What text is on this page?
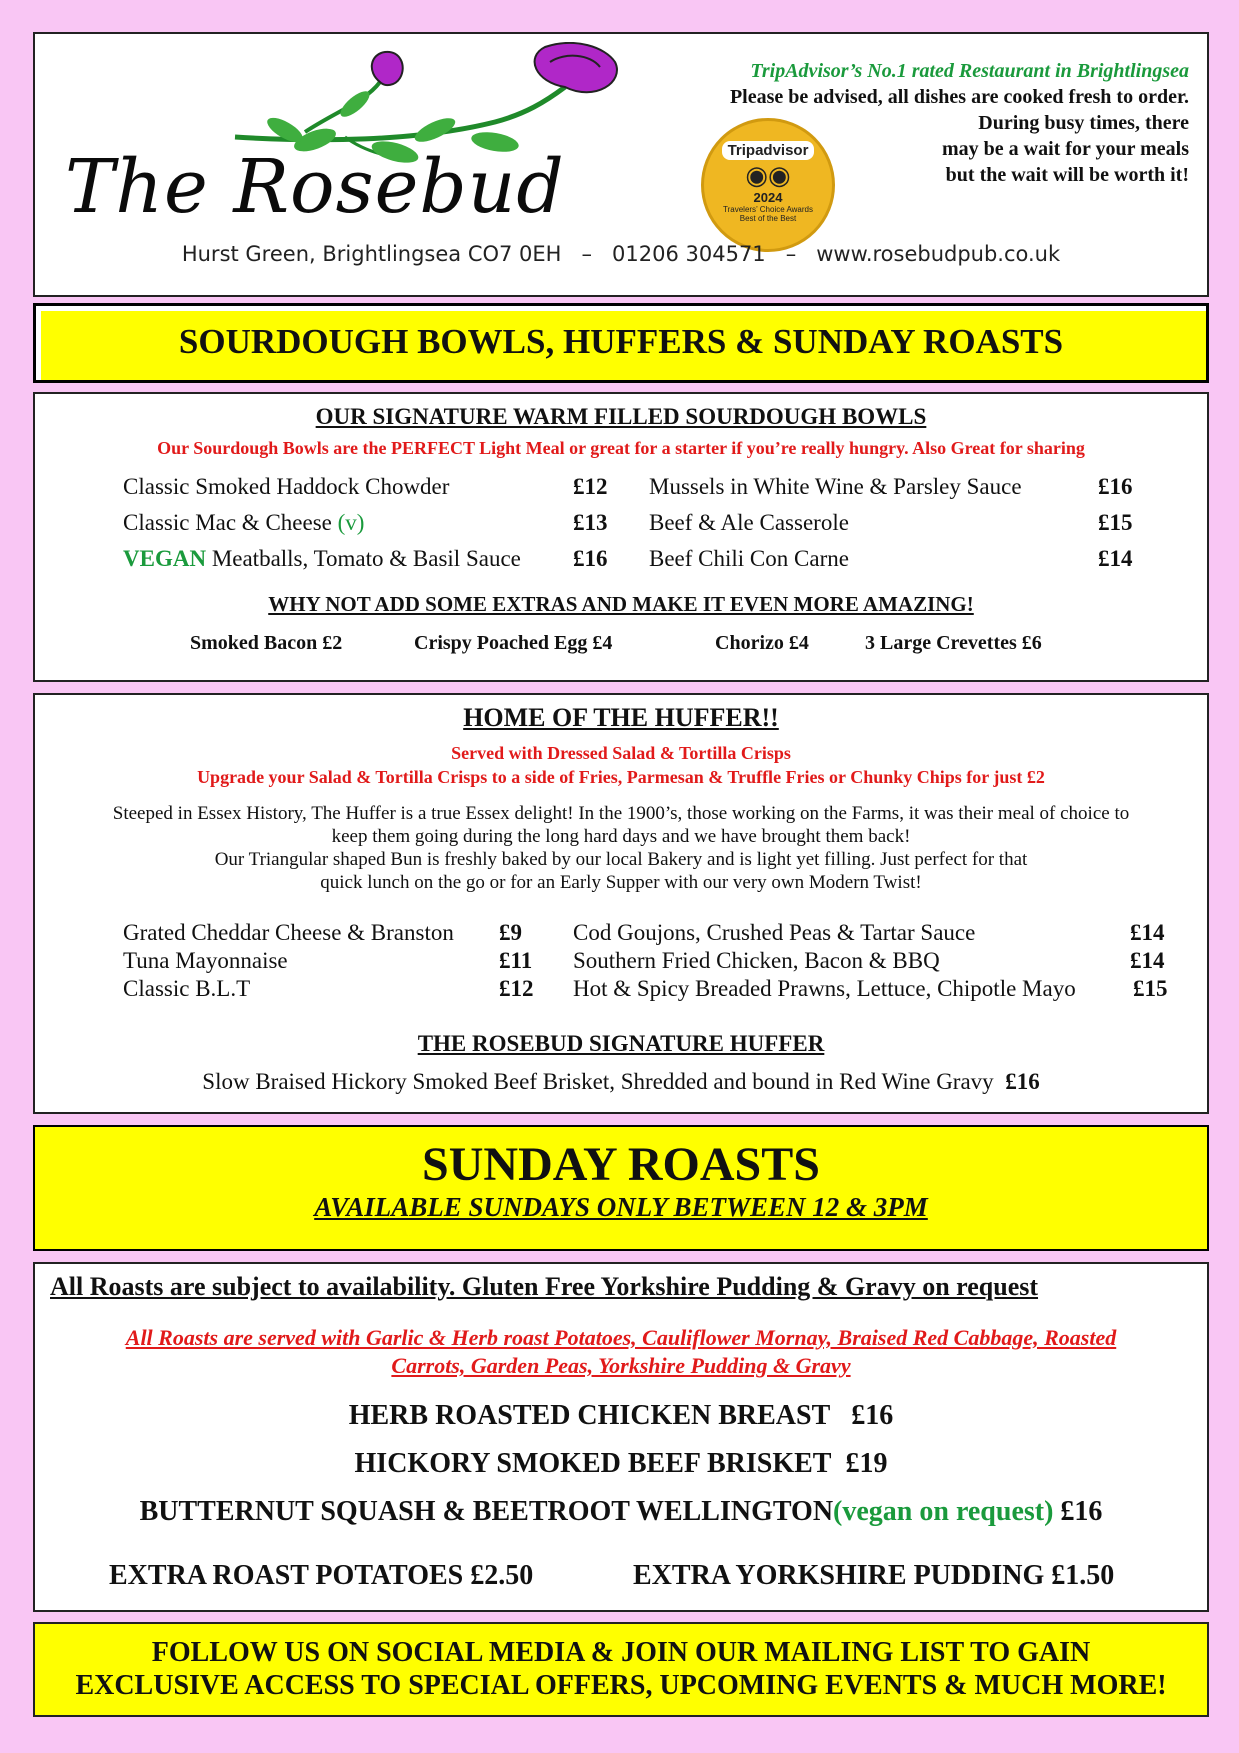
The Rosebud	Tripadvisor
◉◉
2024
Travelers’ Choice Awards Best of the Best
TripAdvisor’s No.1 rated Restaurant in Brightlingsea
Please be advised, all dishes are cooked fresh to order.
During busy times, there
may be a wait for your meals
but the wait will be worth it!
Hurst Green, Brightlingsea CO7 0EH   –   01206 304571   –   www.rosebudpub.co.uk
SOURDOUGH BOWLS, HUFFERS & SUNDAY ROASTS
OUR SIGNATURE WARM FILLED SOURDOUGH BOWLS
Our Sourdough Bowls are the PERFECT Light Meal or great for a starter if you’re really hungry. Also Great for sharing
Classic Smoked Haddock Chowder	£12
Classic Mac & Cheese (v)	£13
VEGAN Meatballs, Tomato & Basil Sauce £16
Mussels in White Wine & Parsley Sauce	£16
Beef & Ale Casserole	£15
Beef Chili Con Carne	£14
WHY NOT ADD SOME EXTRAS AND MAKE IT EVEN MORE AMAZING!
Smoked Bacon £2	Crispy Poached Egg £4	Chorizo £4	3 Large Crevettes £6
HOME OF THE HUFFER!!
Served with Dressed Salad & Tortilla Crisps
Upgrade your Salad & Tortilla Crisps to a side of Fries, Parmesan & Truffle Fries or Chunky Chips for just £2
Steeped in Essex History, The Huffer is a true Essex delight! In the 1900’s, those working on the Farms, it was their meal of choice to
keep them going during the long hard days and we have brought them back!
Our Triangular shaped Bun is freshly baked by our local Bakery and is light yet filling. Just perfect for that
quick lunch on the go or for an Early Supper with our very own Modern Twist!
Grated Cheddar Cheese & Branston £9
Tuna Mayonnaise	£11
Classic B.L.T	£12
Cod Goujons, Crushed Peas & Tartar Sauce	£14
Southern Fried Chicken, Bacon & BBQ	£14
Hot & Spicy Breaded Prawns, Lettuce, Chipotle Mayo £15
THE ROSEBUD SIGNATURE HUFFER
Slow Braised Hickory Smoked Beef Brisket, Shredded and bound in Red Wine Gravy £16
SUNDAY ROASTS
AVAILABLE SUNDAYS ONLY BETWEEN 12 & 3PM
All Roasts are subject to availability. Gluten Free Yorkshire Pudding & Gravy on request
All Roasts are served with Garlic & Herb roast Potatoes, Cauliflower Mornay, Braised Red Cabbage, Roasted
Carrots, Garden Peas, Yorkshire Pudding & Gravy
HERB ROASTED CHICKEN BREAST £16
HICKORY SMOKED BEEF BRISKET £19
BUTTERNUT SQUASH & BEETROOT WELLINGTON(vegan on request) £16
EXTRA ROAST POTATOES £2.50	EXTRA YORKSHIRE PUDDING £1.50
FOLLOW US ON SOCIAL MEDIA & JOIN OUR MAILING LIST TO GAIN
EXCLUSIVE ACCESS TO SPECIAL OFFERS, UPCOMING EVENTS & MUCH MORE!
